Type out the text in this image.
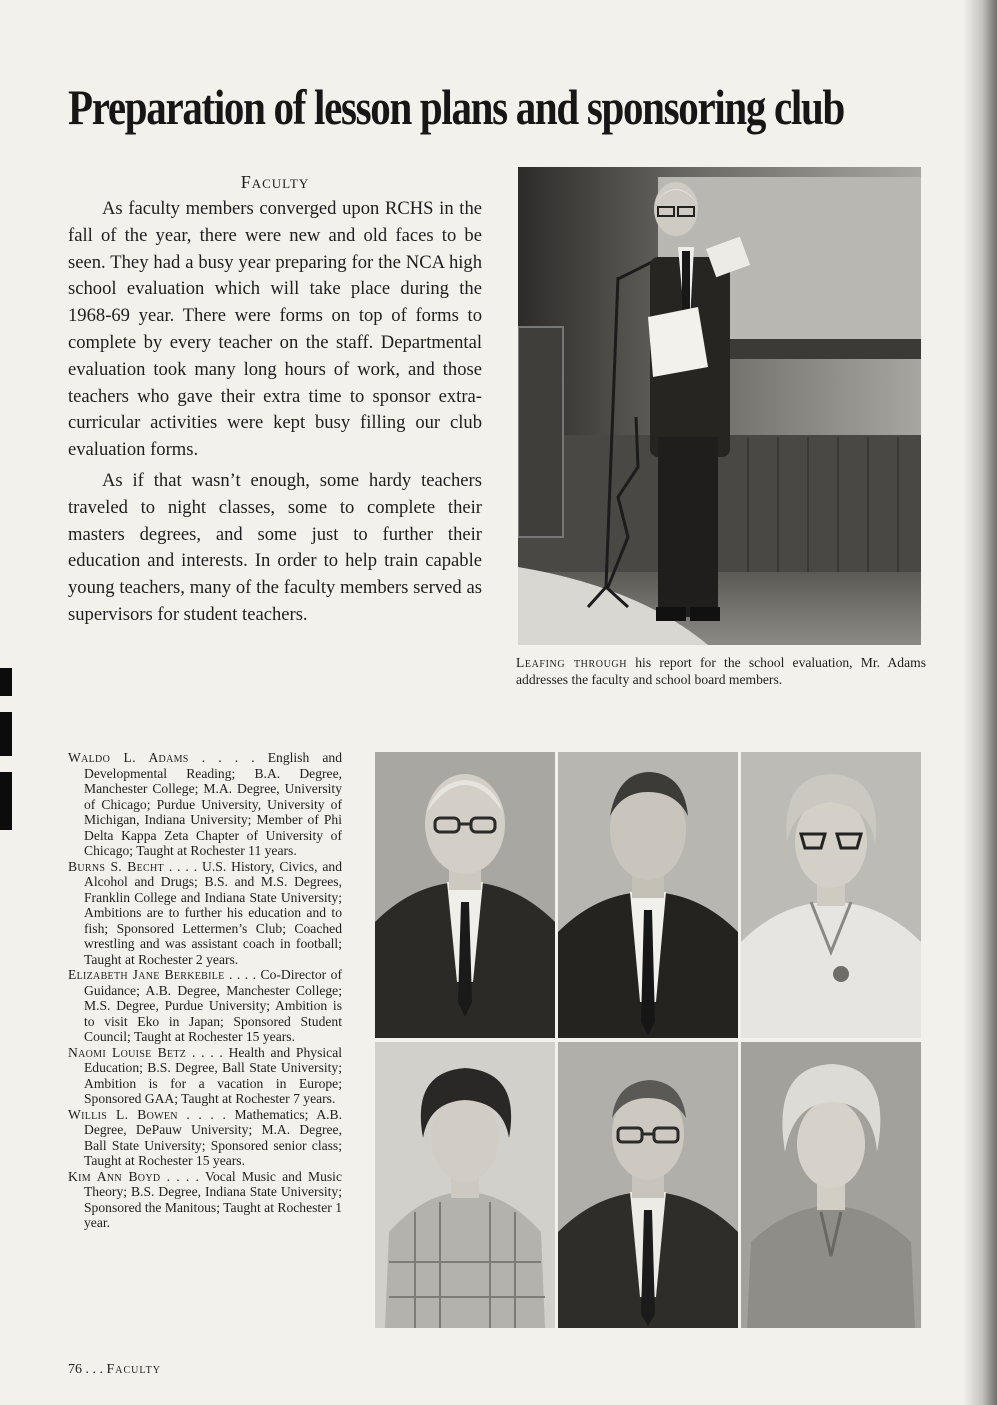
Preparation of lesson plans and sponsoring club
Faculty

As faculty members converged upon RCHS in the fall of the year, there were new and old faces to be seen. They had a busy year preparing for the NCA high school evaluation which will take place during the 1968-69 year. There were forms on top of forms to complete by every teacher on the staff. Departmental evaluation took many long hours of work, and those teachers who gave their extra time to sponsor extra-curricular activities were kept busy filling our club evaluation forms.

As if that wasn’t enough, some hardy teachers traveled to night classes, some to complete their masters degrees, and some just to further their education and interests. In order to help train capable young teachers, many of the faculty members served as supervisors for student teachers.

Leafing through his report for the school evaluation, Mr. Adams addresses the faculty and school board members.

Waldo L. Adams . . . . English and Developmental Reading; B.A. Degree, Manchester College; M.A. Degree, University of Chicago; Purdue University, University of Michigan, Indiana University; Member of Phi Delta Kappa Zeta Chapter of University of Chicago; Taught at Rochester 11 years.

Burns S. Becht . . . . U.S. History, Civics, and Alcohol and Drugs; B.S. and M.S. Degrees, Franklin College and Indiana State University; Ambitions are to further his education and to fish; Sponsored Lettermen’s Club; Coached wrestling and was assistant coach in football; Taught at Rochester 2 years.

Elizabeth Jane Berkebile . . . . Co-Director of Guidance; A.B. Degree, Manchester College; M.S. Degree, Purdue University; Ambition is to visit Eko in Japan; Sponsored Student Council; Taught at Rochester 15 years.

Naomi Louise Betz . . . . Health and Physical Education; B.S. Degree, Ball State University; Ambition is for a vacation in Europe; Sponsored GAA; Taught at Rochester 7 years.

Willis L. Bowen . . . . Mathematics; A.B. Degree, DePauw University; M.A. Degree, Ball State University; Sponsored senior class; Taught at Rochester 15 years.

Kim Ann Boyd . . . . Vocal Music and Music Theory; B.S. Degree, Indiana State University; Sponsored the Manitous; Taught at Rochester 1 year.

76 . . . Faculty
